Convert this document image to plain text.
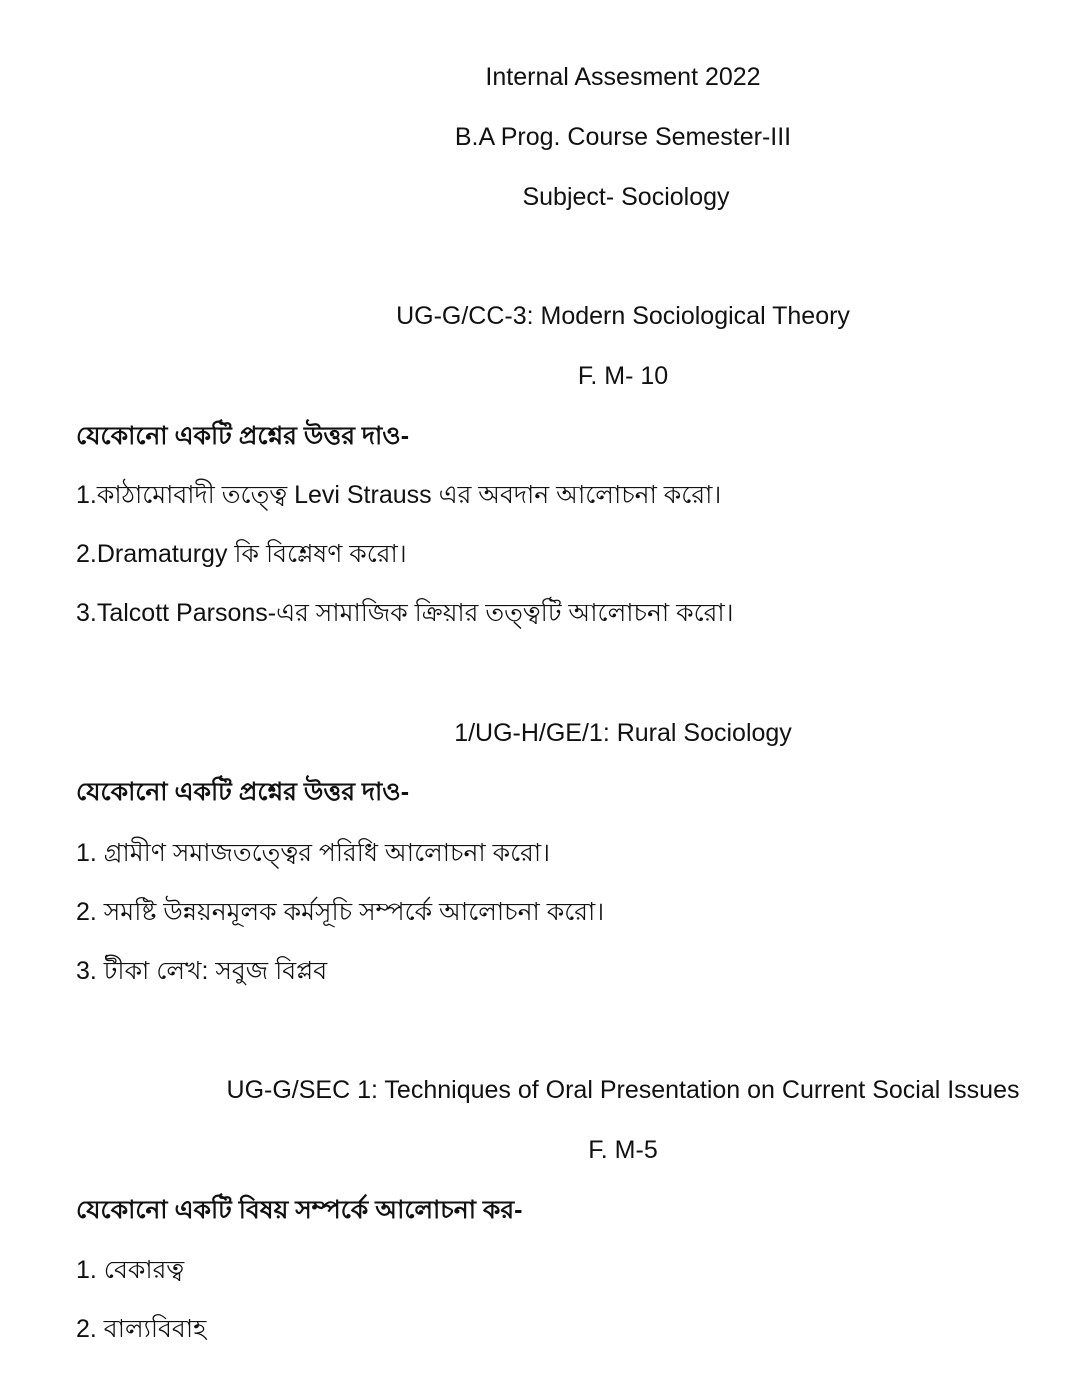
Internal Assesment 2022
B.A Prog. Course Semester-III
Subject- Sociology
UG-G/CC-3: Modern Sociological Theory
F. M- 10
যেকোনো একটি প্রশ্নের উত্তর দাও-
1.কাঠামোবাদী তত্ত্বে Levi Strauss এর অবদান আলোচনা করো।
2.Dramaturgy কি বিশ্লেষণ করো।
3.Talcott Parsons-এর সামাজিক ক্রিয়ার তত্ত্বটি আলোচনা করো।
1/UG-H/GE/1: Rural Sociology
যেকোনো একটি প্রশ্নের উত্তর দাও-
1. গ্রামীণ সমাজতত্ত্বের পরিধি আলোচনা করো।
2. সমষ্টি উন্নয়নমূলক কর্মসূচি সম্পর্কে আলোচনা করো।
3. টীকা লেখ: সবুজ বিপ্লব
UG-G/SEC 1: Techniques of Oral Presentation on Current Social Issues
F. M-5
যেকোনো একটি বিষয় সম্পর্কে আলোচনা কর-
1. বেকারত্ব
2. বাল্যবিবাহ
